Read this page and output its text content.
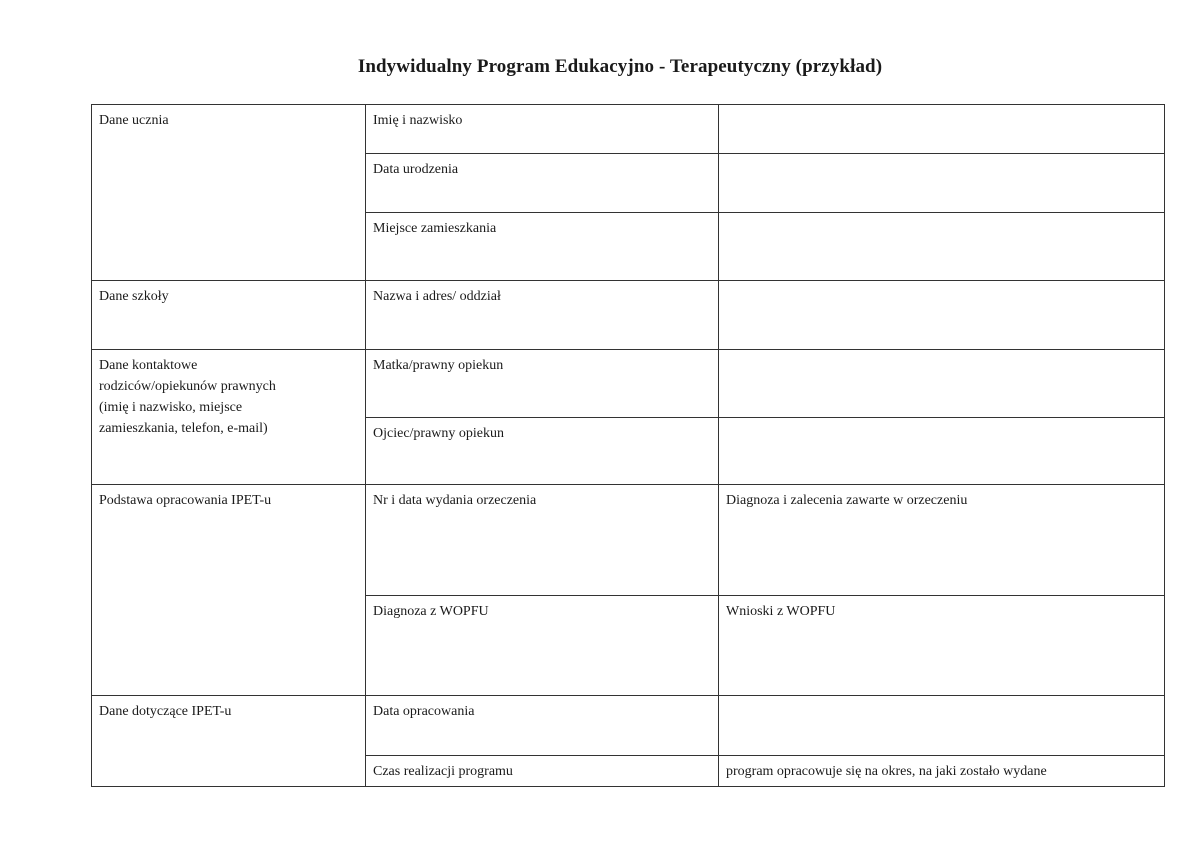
Indywidualny Program Edukacyjno - Terapeutyczny (przykład)
Dane ucznia	Imię i nazwisko	
	Data urodzenia	
	Miejsce zamieszkania	
Dane szkoły	Nazwa i adres/ oddział	

Dane kontaktowe
rodziców/opiekunów prawnych
(imię i nazwisko, miejsce
zamieszkania, telefon, e-mail)	Matka/prawny opiekun	
	Ojciec/prawny opiekun	
Podstawa opracowania IPET-u	Nr i data wydania orzeczenia	Diagnoza i zalecenia zawarte w orzeczeniu
	Diagnoza z WOPFU	Wnioski z WOPFU
Dane dotyczące IPET-u	Data opracowania	
	Czas realizacji programu	program opracowuje się na okres, na jaki zostało wydane
